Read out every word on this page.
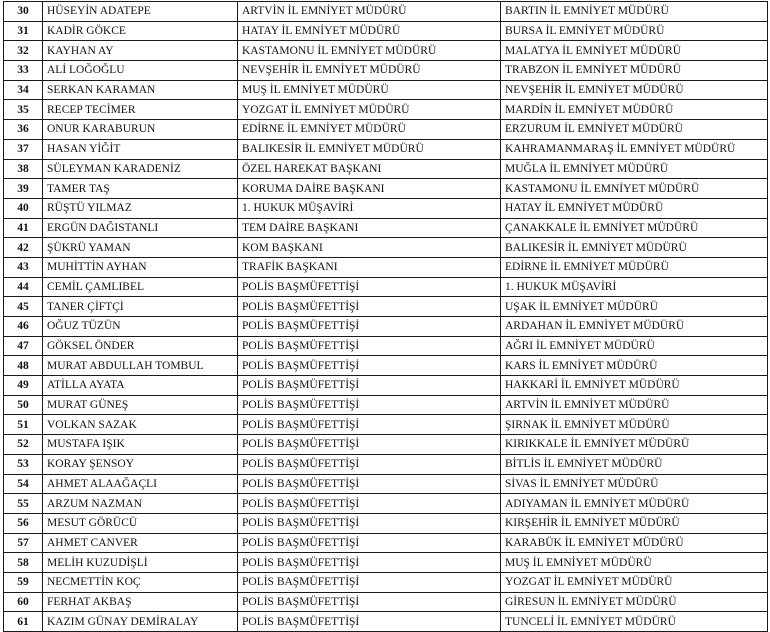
30	HÜSEYİN ADATEPE	ARTVİN İL EMNİYET MÜDÜRÜ	BARTIN İL EMNİYET MÜDÜRÜ
31	KADİR GÖKCE	HATAY İL EMNİYET MÜDÜRÜ	BURSA İL EMNİYET MÜDÜRÜ
32	KAYHAN AY	KASTAMONU İL EMNİYET MÜDÜRÜ	MALATYA İL EMNİYET MÜDÜRÜ
33	ALİ LOĞOĞLU	NEVŞEHİR İL EMNİYET MÜDÜRÜ	TRABZON İL EMNİYET MÜDÜRÜ
34	SERKAN KARAMAN	MUŞ İL EMNİYET MÜDÜRÜ	NEVŞEHİR İL EMNİYET MÜDÜRÜ
35	RECEP TECİMER	YOZGAT İL EMNİYET MÜDÜRÜ	MARDİN İL EMNİYET MÜDÜRÜ
36	ONUR KARABURUN	EDİRNE İL EMNİYET MÜDÜRÜ	ERZURUM İL EMNİYET MÜDÜRÜ
37	HASAN YİĞİT	BALIKESİR İL EMNİYET MÜDÜRÜ	KAHRAMANMARAŞ İL EMNİYET MÜDÜRÜ
38	SÜLEYMAN KARADENİZ	ÖZEL HAREKAT BAŞKANI	MUĞLA İL EMNİYET MÜDÜRÜ
39	TAMER TAŞ	KORUMA DAİRE BAŞKANI	KASTAMONU İL EMNİYET MÜDÜRÜ
40	RÜŞTÜ YILMAZ	1. HUKUK MÜŞAVİRİ	HATAY İL EMNİYET MÜDÜRÜ
41	ERGÜN DAĞISTANLI	TEM DAİRE BAŞKANI	ÇANAKKALE İL EMNİYET MÜDÜRÜ
42	ŞÜKRÜ YAMAN	KOM BAŞKANI	BALIKESİR İL EMNİYET MÜDÜRÜ
43	MUHİTTİN AYHAN	TRAFİK BAŞKANI	EDİRNE İL EMNİYET MÜDÜRÜ
44	CEMİL ÇAMLIBEL	POLİS BAŞMÜFETTİŞİ	1. HUKUK MÜŞAVİRİ
45	TANER ÇİFTÇİ	POLİS BAŞMÜFETTİŞİ	UŞAK İL EMNİYET MÜDÜRÜ
46	OĞUZ TÜZÜN	POLİS BAŞMÜFETTİŞİ	ARDAHAN İL EMNİYET MÜDÜRÜ
47	GÖKSEL ÖNDER	POLİS BAŞMÜFETTİŞİ	AĞRI İL EMNİYET MÜDÜRÜ
48	MURAT ABDULLAH TOMBUL	POLİS BAŞMÜFETTİŞİ	KARS İL EMNİYET MÜDÜRÜ
49	ATİLLA AYATA	POLİS BAŞMÜFETTİŞİ	HAKKARİ İL EMNİYET MÜDÜRÜ
50	MURAT GÜNEŞ	POLİS BAŞMÜFETTİŞİ	ARTVİN İL EMNİYET MÜDÜRÜ
51	VOLKAN SAZAK	POLİS BAŞMÜFETTİŞİ	ŞIRNAK İL EMNİYET MÜDÜRÜ
52	MUSTAFA IŞIK	POLİS BAŞMÜFETTİŞİ	KIRIKKALE İL EMNİYET MÜDÜRÜ
53	KORAY ŞENSOY	POLİS BAŞMÜFETTİŞİ	BİTLİS İL EMNİYET MÜDÜRÜ
54	AHMET ALAAĞAÇLI	POLİS BAŞMÜFETTİŞİ	SİVAS İL EMNİYET MÜDÜRÜ
55	ARZUM NAZMAN	POLİS BAŞMÜFETTİŞİ	ADIYAMAN İL EMNİYET MÜDÜRÜ
56	MESUT GÖRÜCÜ	POLİS BAŞMÜFETTİŞİ	KIRŞEHİR İL EMNİYET MÜDÜRÜ
57	AHMET CANVER	POLİS BAŞMÜFETTİŞİ	KARABÜK İL EMNİYET MÜDÜRÜ
58	MELİH KUZUDİŞLİ	POLİS BAŞMÜFETTİŞİ	MUŞ İL EMNİYET MÜDÜRÜ
59	NECMETTİN KOÇ	POLİS BAŞMÜFETTİŞİ	YOZGAT İL EMNİYET MÜDÜRÜ
60	FERHAT AKBAŞ	POLİS BAŞMÜFETTİŞİ	GİRESUN İL EMNİYET MÜDÜRÜ
61	KAZIM GÜNAY DEMİRALAY	POLİS BAŞMÜFETTİŞİ	TUNCELİ İL EMNİYET MÜDÜRÜ
